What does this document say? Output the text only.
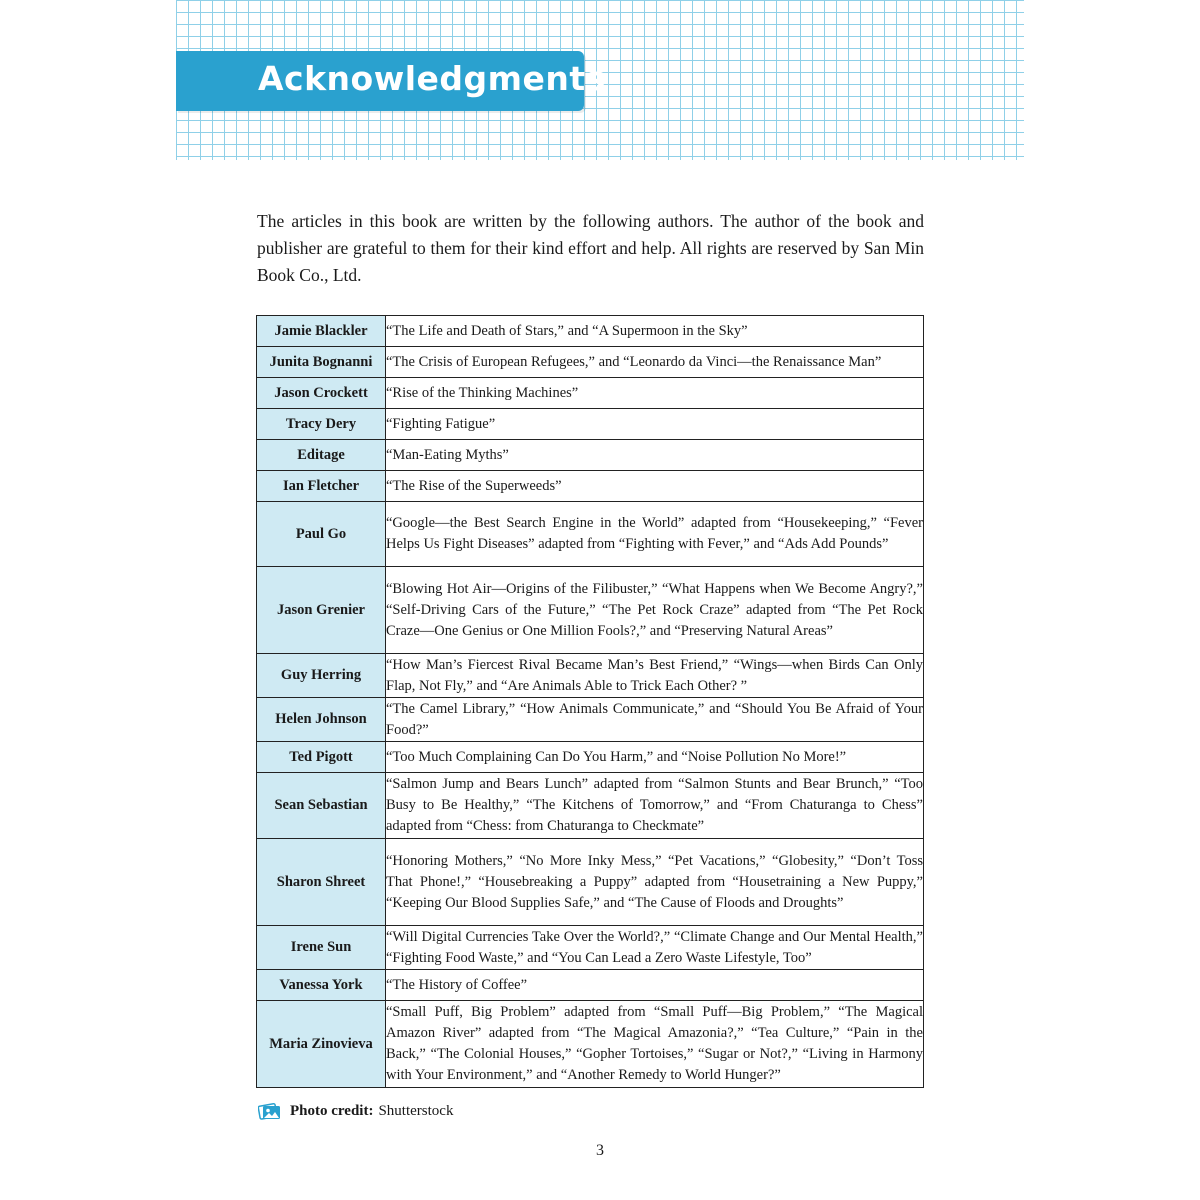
Acknowledgments

The articles in this book are written by the following authors. The author of the book and publisher are grateful to them for their kind effort and help. All rights are reserved by San Min Book Co., Ltd.

Jamie Blackler	“The Life and Death of Stars,” and “A Supermoon in the Sky”
Junita Bognanni	“The Crisis of European Refugees,” and “Leonardo da Vinci—the Renaissance Man”
Jason Crockett	“Rise of the Thinking Machines”
Tracy Dery	“Fighting Fatigue”
Editage	“Man-Eating Myths”
Ian Fletcher	“The Rise of the Superweeds”
Paul Go	“Google—the Best Search Engine in the World” adapted from “Housekeeping,” “Fever Helps Us Fight Diseases” adapted from “Fighting with Fever,” and “Ads Add Pounds”
Jason Grenier	“Blowing Hot Air—Origins of the Filibuster,” “What Happens when We Become Angry?,” “Self-Driving Cars of the Future,” “The Pet Rock Craze” adapted from “The Pet Rock Craze—One Genius or One Million Fools?,” and “Preserving Natural Areas”
Guy Herring	“How Man’s Fiercest Rival Became Man’s Best Friend,” “Wings—when Birds Can Only Flap, Not Fly,” and “Are Animals Able to Trick Each Other? ”
Helen Johnson	“The Camel Library,” “How Animals Communicate,” and “Should You Be Afraid of Your Food?”
Ted Pigott	“Too Much Complaining Can Do You Harm,” and “Noise Pollution No More!”
Sean Sebastian	“Salmon Jump and Bears Lunch” adapted from “Salmon Stunts and Bear Brunch,” “Too Busy to Be Healthy,” “The Kitchens of Tomorrow,” and “From Chaturanga to Chess” adapted from “Chess: from Chaturanga to Checkmate”
Sharon Shreet	“Honoring Mothers,” “No More Inky Mess,” “Pet Vacations,” “Globesity,” “Don’t Toss That Phone!,” “Housebreaking a Puppy” adapted from “Housetraining a New Puppy,” “Keeping Our Blood Supplies Safe,” and “The Cause of Floods and Droughts”
Irene Sun	“Will Digital Currencies Take Over the World?,” “Climate Change and Our Mental Health,” “Fighting Food Waste,” and “You Can Lead a Zero Waste Lifestyle, Too”
Vanessa York	“The History of Coffee”
Maria Zinovieva	“Small Puff, Big Problem” adapted from “Small Puff—Big Problem,” “The Magical Amazon River” adapted from “The Magical Amazonia?,” “Tea Culture,” “Pain in the Back,” “The Colonial Houses,” “Gopher Tortoises,” “Sugar or Not?,” “Living in Harmony with Your Environment,” and “Another Remedy to World Hunger?”
Photo credit: Shutterstock
3
